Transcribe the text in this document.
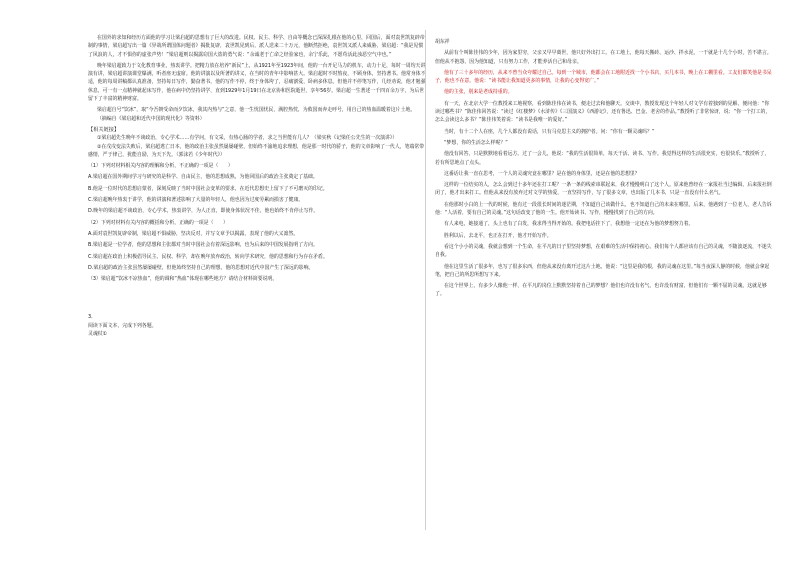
在国外的求知和经历方面他的学习让梁启超的思想有了巨大的改进。民权、民主、科学、自由等概念已深深扎根在他的心里，回国后，面对袁世凯复辟帝制的事情，梁启超写出一篇《异哉所谓国体问题者》揭批复辟，袁世凯见到后，派人送来二十万元，他断然拒绝，袁世凯又派人来威胁，梁启超：“我是见惯了风浪的人，才不惧你的虚张声势！”梁启超则以揭露窃国大盗的勇气说：“余诚老于亡命之经验家也，余宁乐此，不愿苟活此浊恶空气中也。”

晚年梁启超致力于文化教育事业，热衷讲学。把精力放在培养“新民”上，从1921年至1923年间，他的一台开足马力的机车，动力十足，每时一周均天讲演有讲，梁启超讲演课堂爆满，听者座无虚席。他的讲演以及所著的讲义，在当时的青年中影响甚大。梁启超时不时熬夜，不顾身体，坚持著书。他常身体不适，他的每周讲稿都认真准备，坚持每日写作，勤奋著书，他的写作不停，终于身体垮了，忍痛割爱，卧病多休息。但他并不停笔写作，几经劝说，他才勉强休息，可一有一点精神就起床写作，他在病中仍坚持讲学，直到1929年1月19日在北京协和医院逝世，享年56岁。梁启超一生著述一千四百余万字，为后世留下了丰富的精神财富。

梁启超自号“饮冰”，取“今吾朝受命而夕饮冰，我其内热与”之意，他一生忧国忧民，满腔热忱，为救国而奔走呼号，用自己的热血温暖着这片土地。

（摘编自《梁启超和近代中国的现代化》等资料）

【相关链接】

①梁启超先生晚年不谈政治，专心学术……有学问，有文采，有热心肠的学者，求之当世能有几人？（梁实秋《记梁任公先生的一次演讲》）

②在戊戌变法失败后，梁启超逃亡日本，他的政治主张虽然屡屡碰壁，但始终不渝地追求理想，他是那一时代的骄子，他的文章影响了一代人，笔端常带感情，严于律己，犹能自励，为天下先。（郭沫若《少年时代》）

（1）下列对材料相关内容的理解和分析，不正确的一项是（　　）

A.梁启超在国外期间学习与研究的是科学、自由民主，他的思想成熟，为他回国后的政治主张奠定了基础。

B.他是一位时代的思想启蒙者，深刻反映了当时中国社会变革的要求，在近代思想史上留下了不可磨灭的印记。

C.梁启超晚年热衷于讲学，他的讲演和著述影响了大量的年轻人，他也因为过度劳累而损害了健康。

D.晚年的梁启超不谈政治，专心学术，热衷讲学，为人正直，即使身体状况不佳，他也始终不肯停止写作。

（2）下列对材料有关内容的概括和分析，正确的一项是（　　）

A.面对袁世凯复辟帝制，梁启超不惧威胁，坚决反对，并写文章予以揭露，表现了他的大义凛然。

B.梁启超是一位学者，他的思想和主张都对当时中国社会有着深远影响，也为后来的中国发展指明了方向。

C.梁启超在政治上积极倡导民主、民权、科学，却在晚年放弃政治，转向学术研究，他的思想和行为存在矛盾。

D.梁启超的政治主张虽然屡屡碰壁，但他始终坚持自己的理想，他的思想对近代中国产生了深远的影响。

（3）梁启超“饮冰不凉热血”，他的调和“热血”体现在哪些地方？请结合材料简要说明。

3.

阅读下面文本，完成下列各题。

灵魂杖①

胡东祥

从前有个叫陈佳伟的少年，因为家里穷，父亲又早早离世，他只好外出打工。在工地上，他每天搬砖、运沙、拌水泥，一干就是十几个小时，苦不堪言。但他从不抱怨，因为他知道，只有努力工作，才能养活自己和母亲。

他有了三十多年的经历，从来不曾当众夸耀过自己。每到一个城市，他都会在工地附近找一个小书店，买几本书，晚上在工棚里看。工友们都笑他是书呆子，他也不在意。他说：“读书能让我知道更多的事情，让我的心变得宽广。”

他的主张，别来是老成持重的。

有一天，在北京大学一位教授来工地视察，看到陈佳伟在读书，便走过去和他聊天。交谈中，教授发现这个年轻人对文学有着独到的见解，便问他：“你读过哪些书？”陈佳伟回答说：“读过《红楼梦》《水浒传》《三国演义》《西游记》，还有鲁迅、巴金、老舍的作品。”教授听了非常惊讶，说：“你一个打工的，怎么会读这么多书？”陈佳伟笑着说：“读书是我唯一的爱好。”

当时，有十二个人在座，几个人都没有说话，只有马克思主义的拥护者。问：“你有一颗灵魂吗？”

“梦想，你的生活怎么样呢？”

他没有回答，只是默默地看着远方。过了一会儿，他说：“我的生活很简单，每天干活、读书、写作。我觉得这样的生活很充实，也很快乐。”教授听了，若有所思地点了点头。

这番话让我一直在思考，一个人的灵魂究竟在哪里？是在他的身体里，还是在他的思想里？

这样的一位结实的人，怎么会到过十多年还在打工呢？一条一条的线索串联起来，我才慢慢明白了这个人。原来他曾经在一家报社当过编辑，后来报社倒闭了，他才出来打工。但他从来没有放弃过对文学的热爱，一直坚持写作，写了很多文章，也出版了几本书，只是一直没有什么名气。

在他那时小白的上一代的时候，他有过一段很长时间的迷茫期，不知道自己该做什么，也不知道自己的未来在哪里。后来，他遇到了一位老人，老人告诉他：“人活着，要有自己的灵魂。”这句话改变了他的一生。他开始读书、写作，慢慢找到了自己的方向。

有人来电，她接通了，头上也有了白发，我求得当得开始的。我把电话挂下了，我想他一定还在为他的梦想努力着。

胜利以后，去北平，也正在打开，他才开始写作。

看这个小小的灵魂，我就会想到一个生命，在平凡的日子里坚持梦想，在艰难的生活中保持初心。我们每个人都应该有自己的灵魂，不随波逐流，不迷失自我。

他在这里生活了很多年，也写了很多东西，但他从来没有离开过这片土地。他说：“这里是我的根，我的灵魂在这里。”每当夜深人静的时候，他就会拿起笔，把自己的所思所想写下来。

在这个世界上，有多少人像他一样，在平凡的岗位上默默坚持着自己的梦想？他们也许没有名气，也许没有财富，但他们有一颗不屈的灵魂，这就足够了。
